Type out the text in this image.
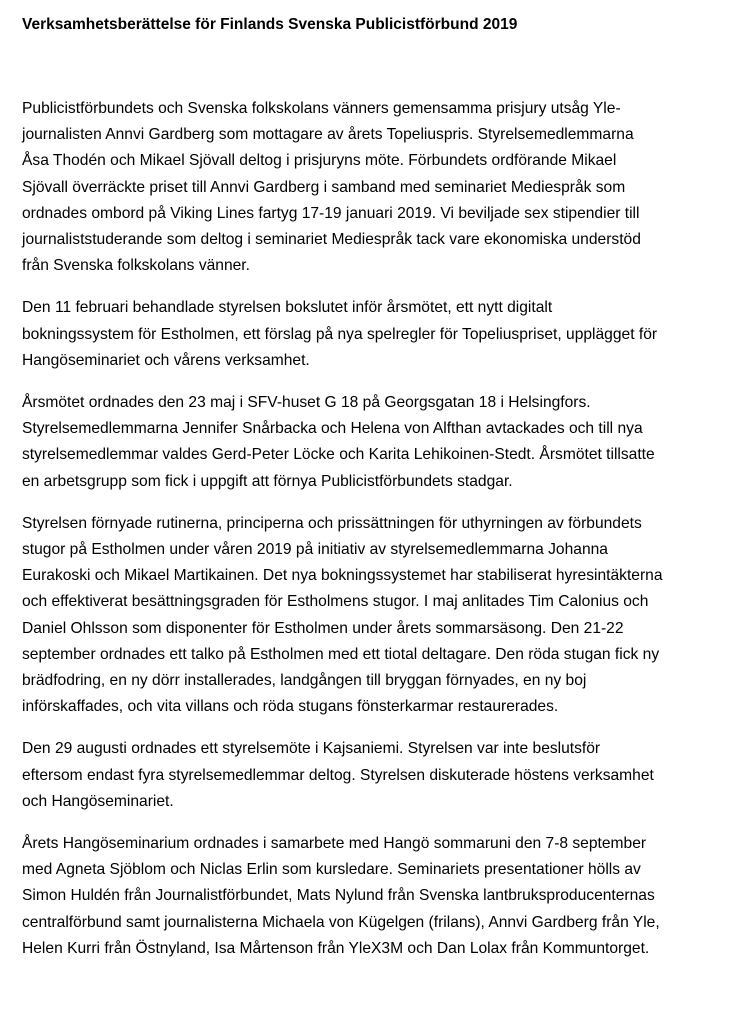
Verksamhetsberättelse för Finlands Svenska Publicistförbund 2019

Publicistförbundets och Svenska folkskolans vänners gemensamma prisjury utsåg Yle-
journalisten Annvi Gardberg som mottagare av årets Topeliuspris. Styrelsemedlemmarna
Åsa Thodén och Mikael Sjövall deltog i prisjuryns möte. Förbundets ordförande Mikael
Sjövall överräckte priset till Annvi Gardberg i samband med seminariet Mediespråk som
ordnades ombord på Viking Lines fartyg 17-19 januari 2019. Vi beviljade sex stipendier till
journaliststuderande som deltog i seminariet Mediespråk tack vare ekonomiska understöd
från Svenska folkskolans vänner.

Den 11 februari behandlade styrelsen bokslutet inför årsmötet, ett nytt digitalt
bokningssystem för Estholmen, ett förslag på nya spelregler för Topeliuspriset, upplägget för
Hangöseminariet och vårens verksamhet.

Årsmötet ordnades den 23 maj i SFV-huset G 18 på Georgsgatan 18 i Helsingfors.
Styrelsemedlemmarna Jennifer Snårbacka och Helena von Alfthan avtackades och till nya
styrelsemedlemmar valdes Gerd-Peter Löcke och Karita Lehikoinen-Stedt. Årsmötet tillsatte
en arbetsgrupp som fick i uppgift att förnya Publicistförbundets stadgar.

Styrelsen förnyade rutinerna, principerna och prissättningen för uthyrningen av förbundets
stugor på Estholmen under våren 2019 på initiativ av styrelsemedlemmarna Johanna
Eurakoski och Mikael Martikainen. Det nya bokningssystemet har stabiliserat hyresintäkterna
och effektiverat besättningsgraden för Estholmens stugor. I maj anlitades Tim Calonius och
Daniel Ohlsson som disponenter för Estholmen under årets sommarsäsong. Den 21-22
september ordnades ett talko på Estholmen med ett tiotal deltagare. Den röda stugan fick ny
brädfodring, en ny dörr installerades, landgången till bryggan förnyades, en ny boj
införskaffades, och vita villans och röda stugans fönsterkarmar restaurerades.

Den 29 augusti ordnades ett styrelsemöte i Kajsaniemi. Styrelsen var inte beslutsför
eftersom endast fyra styrelsemedlemmar deltog. Styrelsen diskuterade höstens verksamhet
och Hangöseminariet.

Årets Hangöseminarium ordnades i samarbete med Hangö sommaruni den 7-8 september
med Agneta Sjöblom och Niclas Erlin som kursledare. Seminariets presentationer hölls av
Simon Huldén från Journalistförbundet, Mats Nylund från Svenska lantbruksproducenternas
centralförbund samt journalisterna Michaela von Kügelgen (frilans), Annvi Gardberg från Yle,
Helen Kurri från Östnyland, Isa Mårtenson från YleX3M och Dan Lolax från Kommuntorget.
